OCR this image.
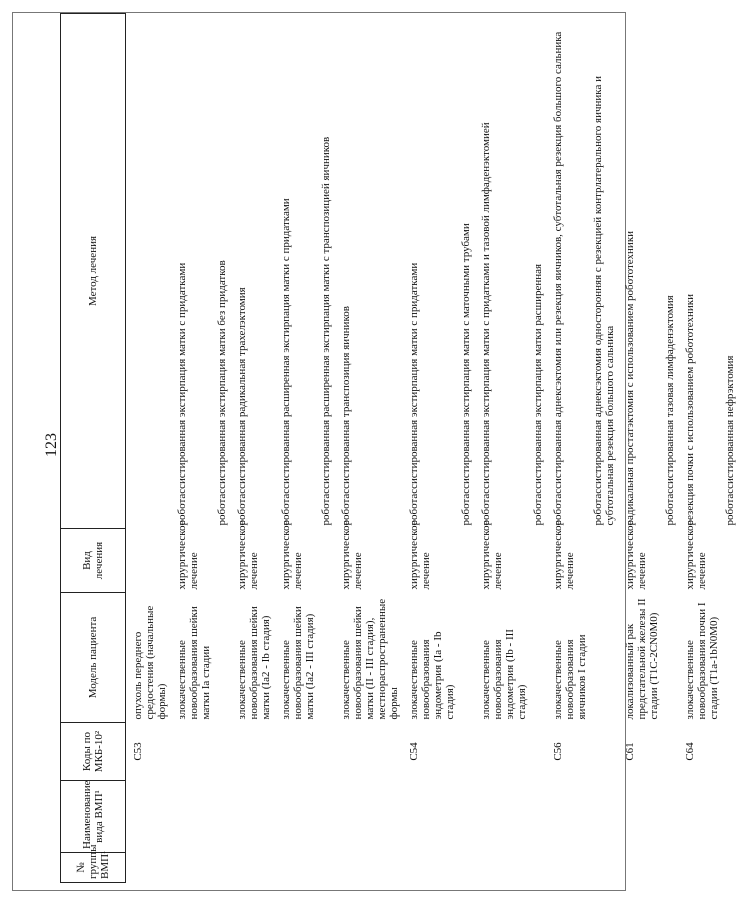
123
№ группы ВМП¹	Наименование вида ВМП¹	Коды по МКБ-10²	Модель пациента	Вид лечения	Метод лечения
		C53	опухоль переднего средостения (начальные формы)		
			злокачественные новообразования шейки матки Ia стадии	хирургическое лечение	роботассистированная экстирпация матки с придатками
					роботассистированная экстирпация матки без придатков
			злокачественные новообразования шейки матки (Ia2 - Ib стадия)	хирургическое лечение	роботассистированная радикальная трахелэктомия
			злокачественные новообразования шейки матки (Ia2 - III стадия)	хирургическое лечение	роботассистированная расширенная экстирпация матки с придатками
					роботассистированная расширенная экстирпация матки с транспозицией яичников
			злокачественные новообразования шейки матки (II - III стадия), местнораспространенные формы	хирургическое лечение	роботассистированная транспозиция яичников
		C54	злокачественные новообразования эндометрия (Ia - Ib стадия)	хирургическое лечение	роботассистированная экстирпация матки с придатками
					роботассистированная экстирпация матки с маточными трубами
			злокачественные новообразования эндометрия (Ib - III стадия)	хирургическое лечение	роботассистированная экстирпация матки с придатками и тазовой лимфаденэктомией
					роботассистированная экстирпация матки расширенная
		C56	злокачественные новообразования яичников I стадии	хирургическое лечение	роботассистированная аднексэктомия или резекция яичников, субтотальная резекция большого сальника
					роботассистированная аднексэктомия односторонняя с резекцией контрлатерального яичника и субтотальная резекция большого сальника
		C61	локализованный рак предстательной железы II стадии (T1C-2CN0M0)	хирургическое лечение	радикальная простатэктомия с использованием робототехники
					роботассистированная тазовая лимфаденэктомия
		C64	злокачественные новообразования почки I стадии (T1a-1bN0M0)	хирургическое лечение	резекция почки с использованием робототехники
					роботассистированная нефрэктомия
